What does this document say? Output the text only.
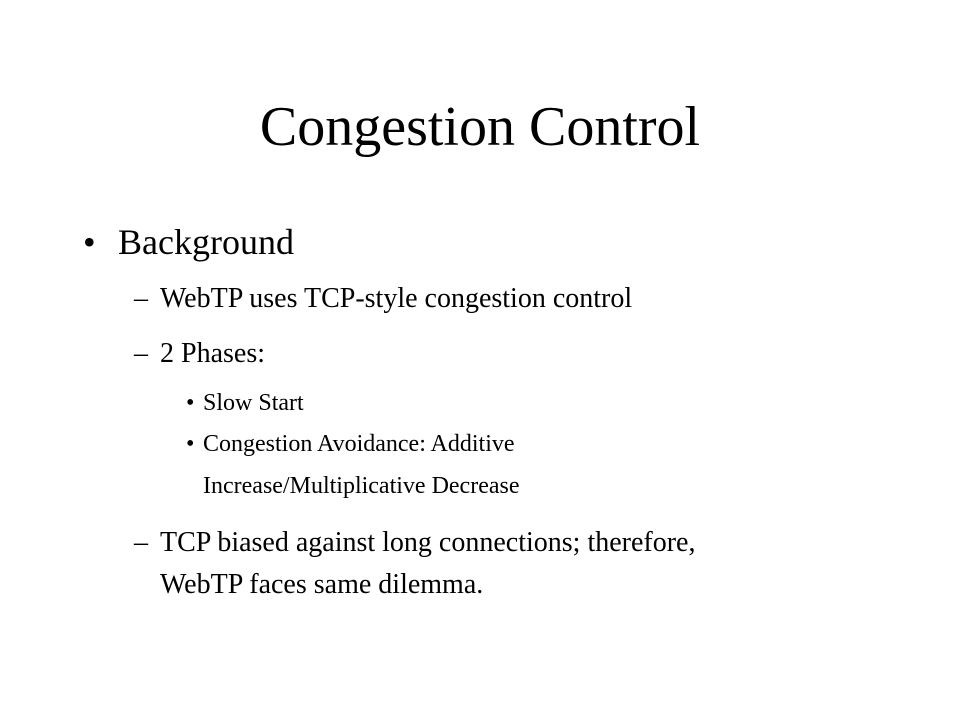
Congestion Control
• Background
– WebTP uses TCP-style congestion control
– 2 Phases:
• Slow Start
• Congestion Avoidance: Additive
Increase/Multiplicative Decrease
– TCP biased against long connections; therefore,
WebTP faces same dilemma.
